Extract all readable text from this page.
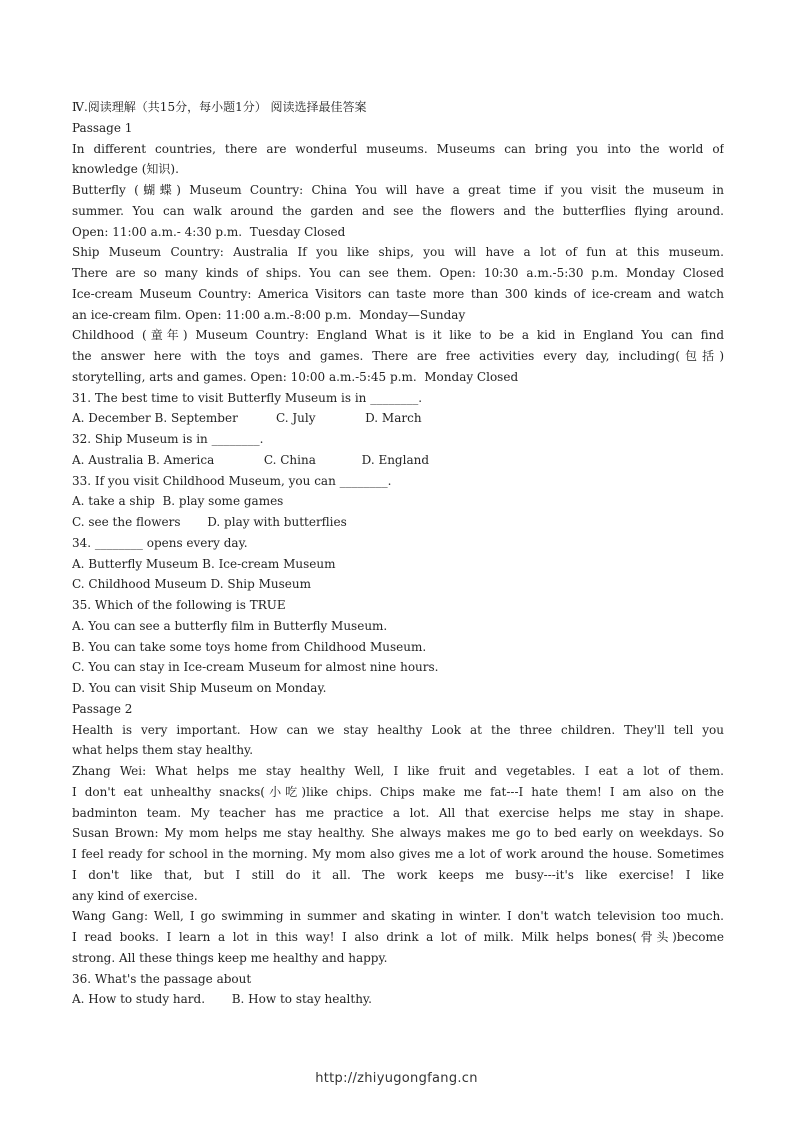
Ⅳ.阅读理解（共15分，每小题1分） 阅读选择最佳答案
Passage 1
In different countries, there are wonderful museums. Museums can bring you into the world of
knowledge (知识).
Butterfly (蝴蝶) Museum Country: China You will have a great time if you visit the museum in
summer. You can walk around the garden and see the flowers and the butterflies flying around.
Open: 11:00 a.m.- 4:30 p.m.  Tuesday Closed
Ship Museum Country: Australia If you like ships, you will have a lot of fun at this museum.
There are so many kinds of ships. You can see them. Open: 10:30 a.m.-5:30 p.m. Monday Closed
Ice-cream Museum Country: America Visitors can taste more than 300 kinds of ice-cream and watch
an ice-cream film. Open: 11:00 a.m.-8:00 p.m.  Monday—Sunday
Childhood (童年) Museum Country: England What is it like to be a kid in England You can find
the answer here with the toys and games. There are free activities every day, including(包括)
storytelling, arts and games. Open: 10:00 a.m.-5:45 p.m.  Monday Closed
31. The best time to visit Butterfly Museum is in ________.
A. December B. September          C. July             D. March
32. Ship Museum is in ________.
A. Australia B. America             C. China            D. England
33. If you visit Childhood Museum, you can ________.
A. take a ship  B. play some games
C. see the flowers       D. play with butterflies
34. ________ opens every day.
A. Butterfly Museum B. Ice-cream Museum
C. Childhood Museum D. Ship Museum
35. Which of the following is TRUE
A. You can see a butterfly film in Butterfly Museum.
B. You can take some toys home from Childhood Museum.
C. You can stay in Ice-cream Museum for almost nine hours.
D. You can visit Ship Museum on Monday.
Passage 2
Health is very important. How can we stay healthy Look at the three children. They'll tell you
what helps them stay healthy.
Zhang Wei: What helps me stay healthy Well, I like fruit and vegetables. I eat a lot of them.
I don't eat unhealthy snacks(小吃)like chips. Chips make me fat---I hate them! I am also on the
badminton team. My teacher has me practice a lot. All that exercise helps me stay in shape.
Susan Brown: My mom helps me stay healthy. She always makes me go to bed early on weekdays. So
I feel ready for school in the morning. My mom also gives me a lot of work around the house. Sometimes
I don't like that, but I still do it all. The work keeps me busy---it's like exercise! I like
any kind of exercise.
Wang Gang: Well, I go swimming in summer and skating in winter. I don't watch television too much.
I read books. I learn a lot in this way! I also drink a lot of milk. Milk helps bones(骨头)become
strong. All these things keep me healthy and happy.
36. What's the passage about
A. How to study hard.       B. How to stay healthy.
http://zhiyugongfang.cn
